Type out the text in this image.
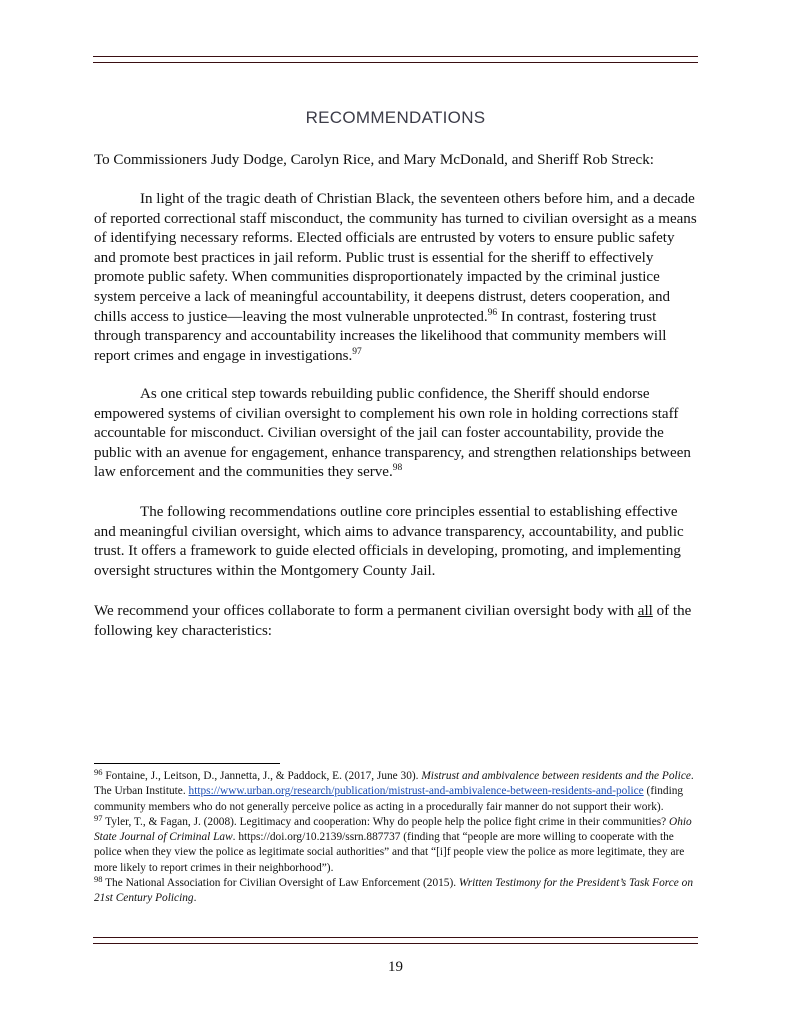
RECOMMENDATIONS
To Commissioners Judy Dodge, Carolyn Rice, and Mary McDonald, and Sheriff Rob Streck:
In light of the tragic death of Christian Black, the seventeen others before him, and a decade of reported correctional staff misconduct, the community has turned to civilian oversight as a means of identifying necessary reforms. Elected officials are entrusted by voters to ensure public safety and promote best practices in jail reform. Public trust is essential for the sheriff to effectively promote public safety. When communities disproportionately impacted by the criminal justice system perceive a lack of meaningful accountability, it deepens distrust, deters cooperation, and chills access to justice—leaving the most vulnerable unprotected.$^{96}$ In contrast, fostering trust through transparency and accountability increases the likelihood that community members will report crimes and engage in investigations.$^{97}$
As one critical step towards rebuilding public confidence, the Sheriff should endorse empowered systems of civilian oversight to complement his own role in holding corrections staff accountable for misconduct. Civilian oversight of the jail can foster accountability, provide the public with an avenue for engagement, enhance transparency, and strengthen relationships between law enforcement and the communities they serve.$^{98}$
The following recommendations outline core principles essential to establishing effective and meaningful civilian oversight, which aims to advance transparency, accountability, and public trust. It offers a framework to guide elected officials in developing, promoting, and implementing oversight structures within the Montgomery County Jail.
We recommend your offices collaborate to form a permanent civilian oversight body with all of the following key characteristics:

$^{96}$ Fontaine, J., Leitson, D., Jannetta, J., & Paddock, E. (2017, June 30). Mistrust and ambivalence between residents and the Police. The Urban Institute. https://www.urban.org/research/publication/mistrust-and-ambivalence-between-residents-and-police (finding community members who do not generally perceive police as acting in a procedurally fair manner do not support their work).

$^{97}$ Tyler, T., & Fagan, J. (2008). Legitimacy and cooperation: Why do people help the police fight crime in their communities? Ohio State Journal of Criminal Law. https://doi.org/10.2139/ssrn.887737 (finding that “people are more willing to cooperate with the police when they view the police as legitimate social authorities” and that “[i]f people view the police as more legitimate, they are more likely to report crimes in their neighborhood”).

$^{98}$ The National Association for Civilian Oversight of Law Enforcement (2015). Written Testimony for the President’s Task Force on 21st Century Policing.

19
